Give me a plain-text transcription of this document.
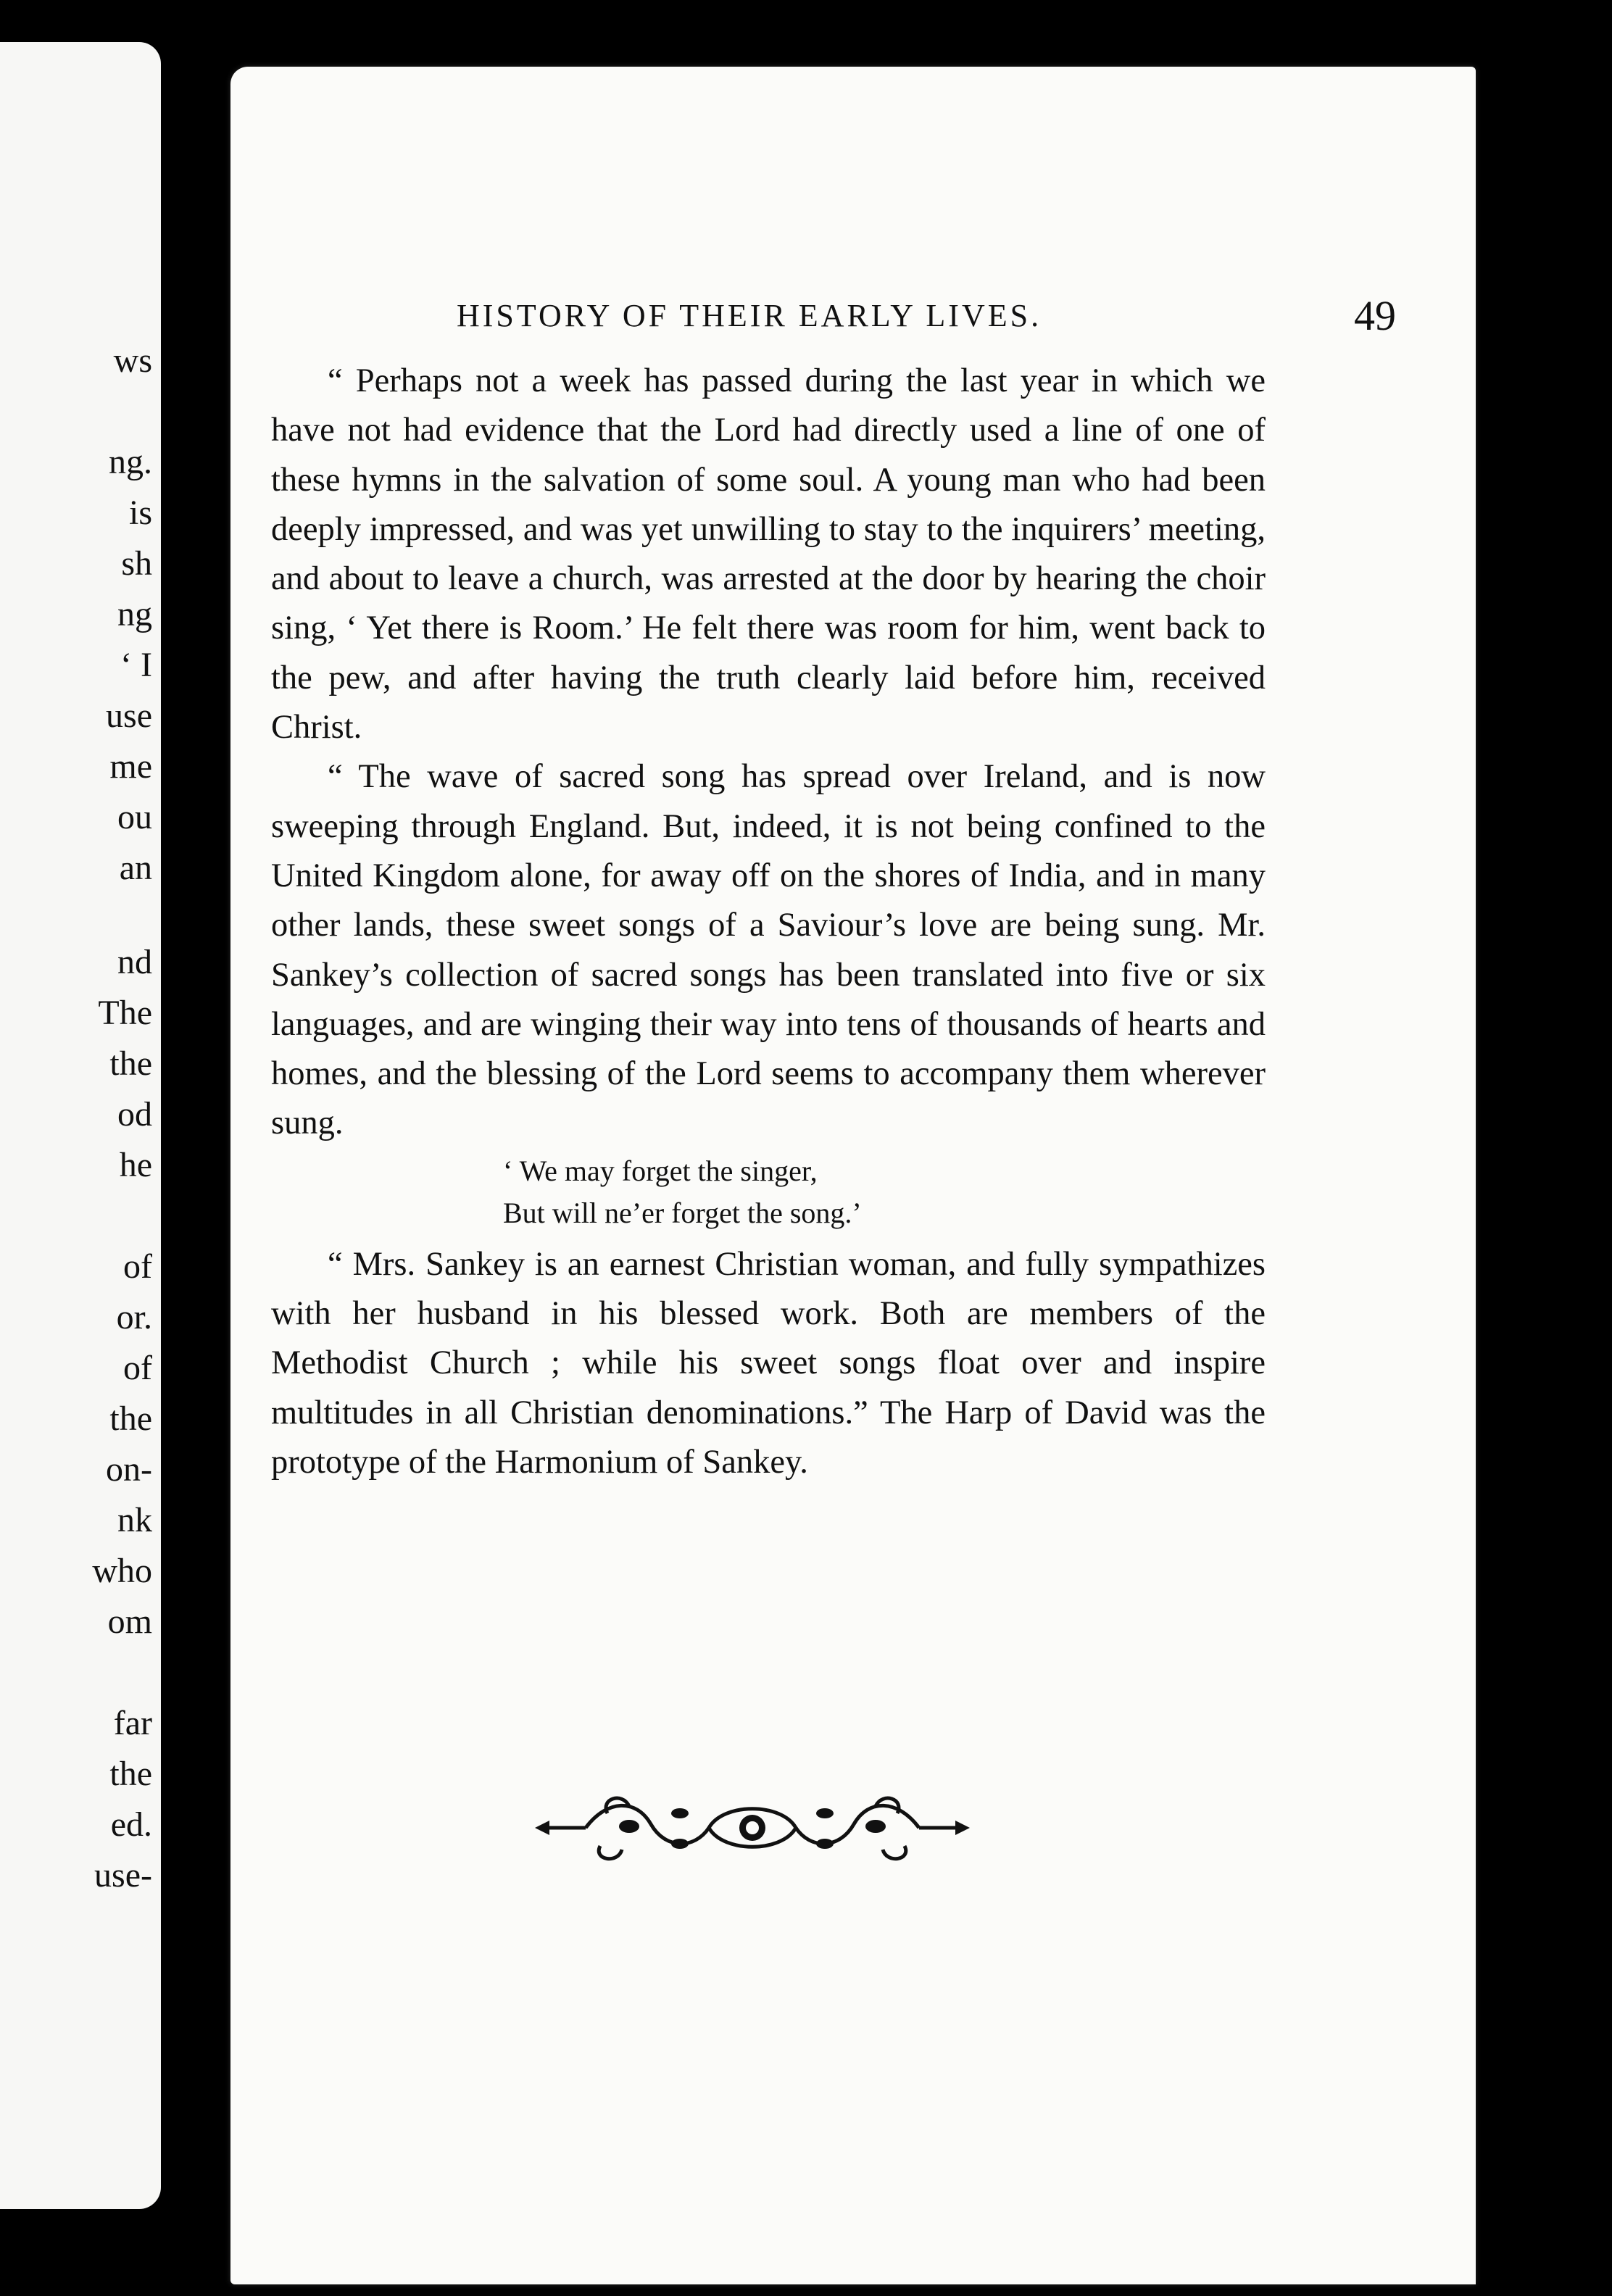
ws
ng.
is
sh
ng
‘ I
use
me
ou
an
nd
The
the
od
he
of
or.
of
the
on-
nk
who
om
far
the
ed.
use-
HISTORY OF THEIR EARLY LIVES.	49

“ Perhaps not a week has passed during the last year in which we have not had evidence that the Lord had directly used a line of one of these hymns in the salvation of some soul. A young man who had been deeply impressed, and was yet unwilling to stay to the inquirers’ meeting, and about to leave a church, was arrested at the door by hearing the choir sing, ‘ Yet there is Room.’ He felt there was room for him, went back to the pew, and after having the truth clearly laid before him, received Christ.

“ The wave of sacred song has spread over Ireland, and is now sweeping through England. But, indeed, it is not being confined to the United Kingdom alone, for away off on the shores of India, and in many other lands, these sweet songs of a Saviour’s love are being sung. Mr. Sankey’s collection of sacred songs has been translated into five or six languages, and are winging their way into tens of thousands of hearts and homes, and the blessing of the Lord seems to accompany them wherever sung.

‘ We may forget the singer,
But will ne’er forget the song.’

“ Mrs. Sankey is an earnest Christian woman, and fully sympathizes with her husband in his blessed work. Both are members of the Methodist Church ; while his sweet songs float over and inspire multitudes in all Christian denominations.” The Harp of David was the prototype of the Harmonium of Sankey.
